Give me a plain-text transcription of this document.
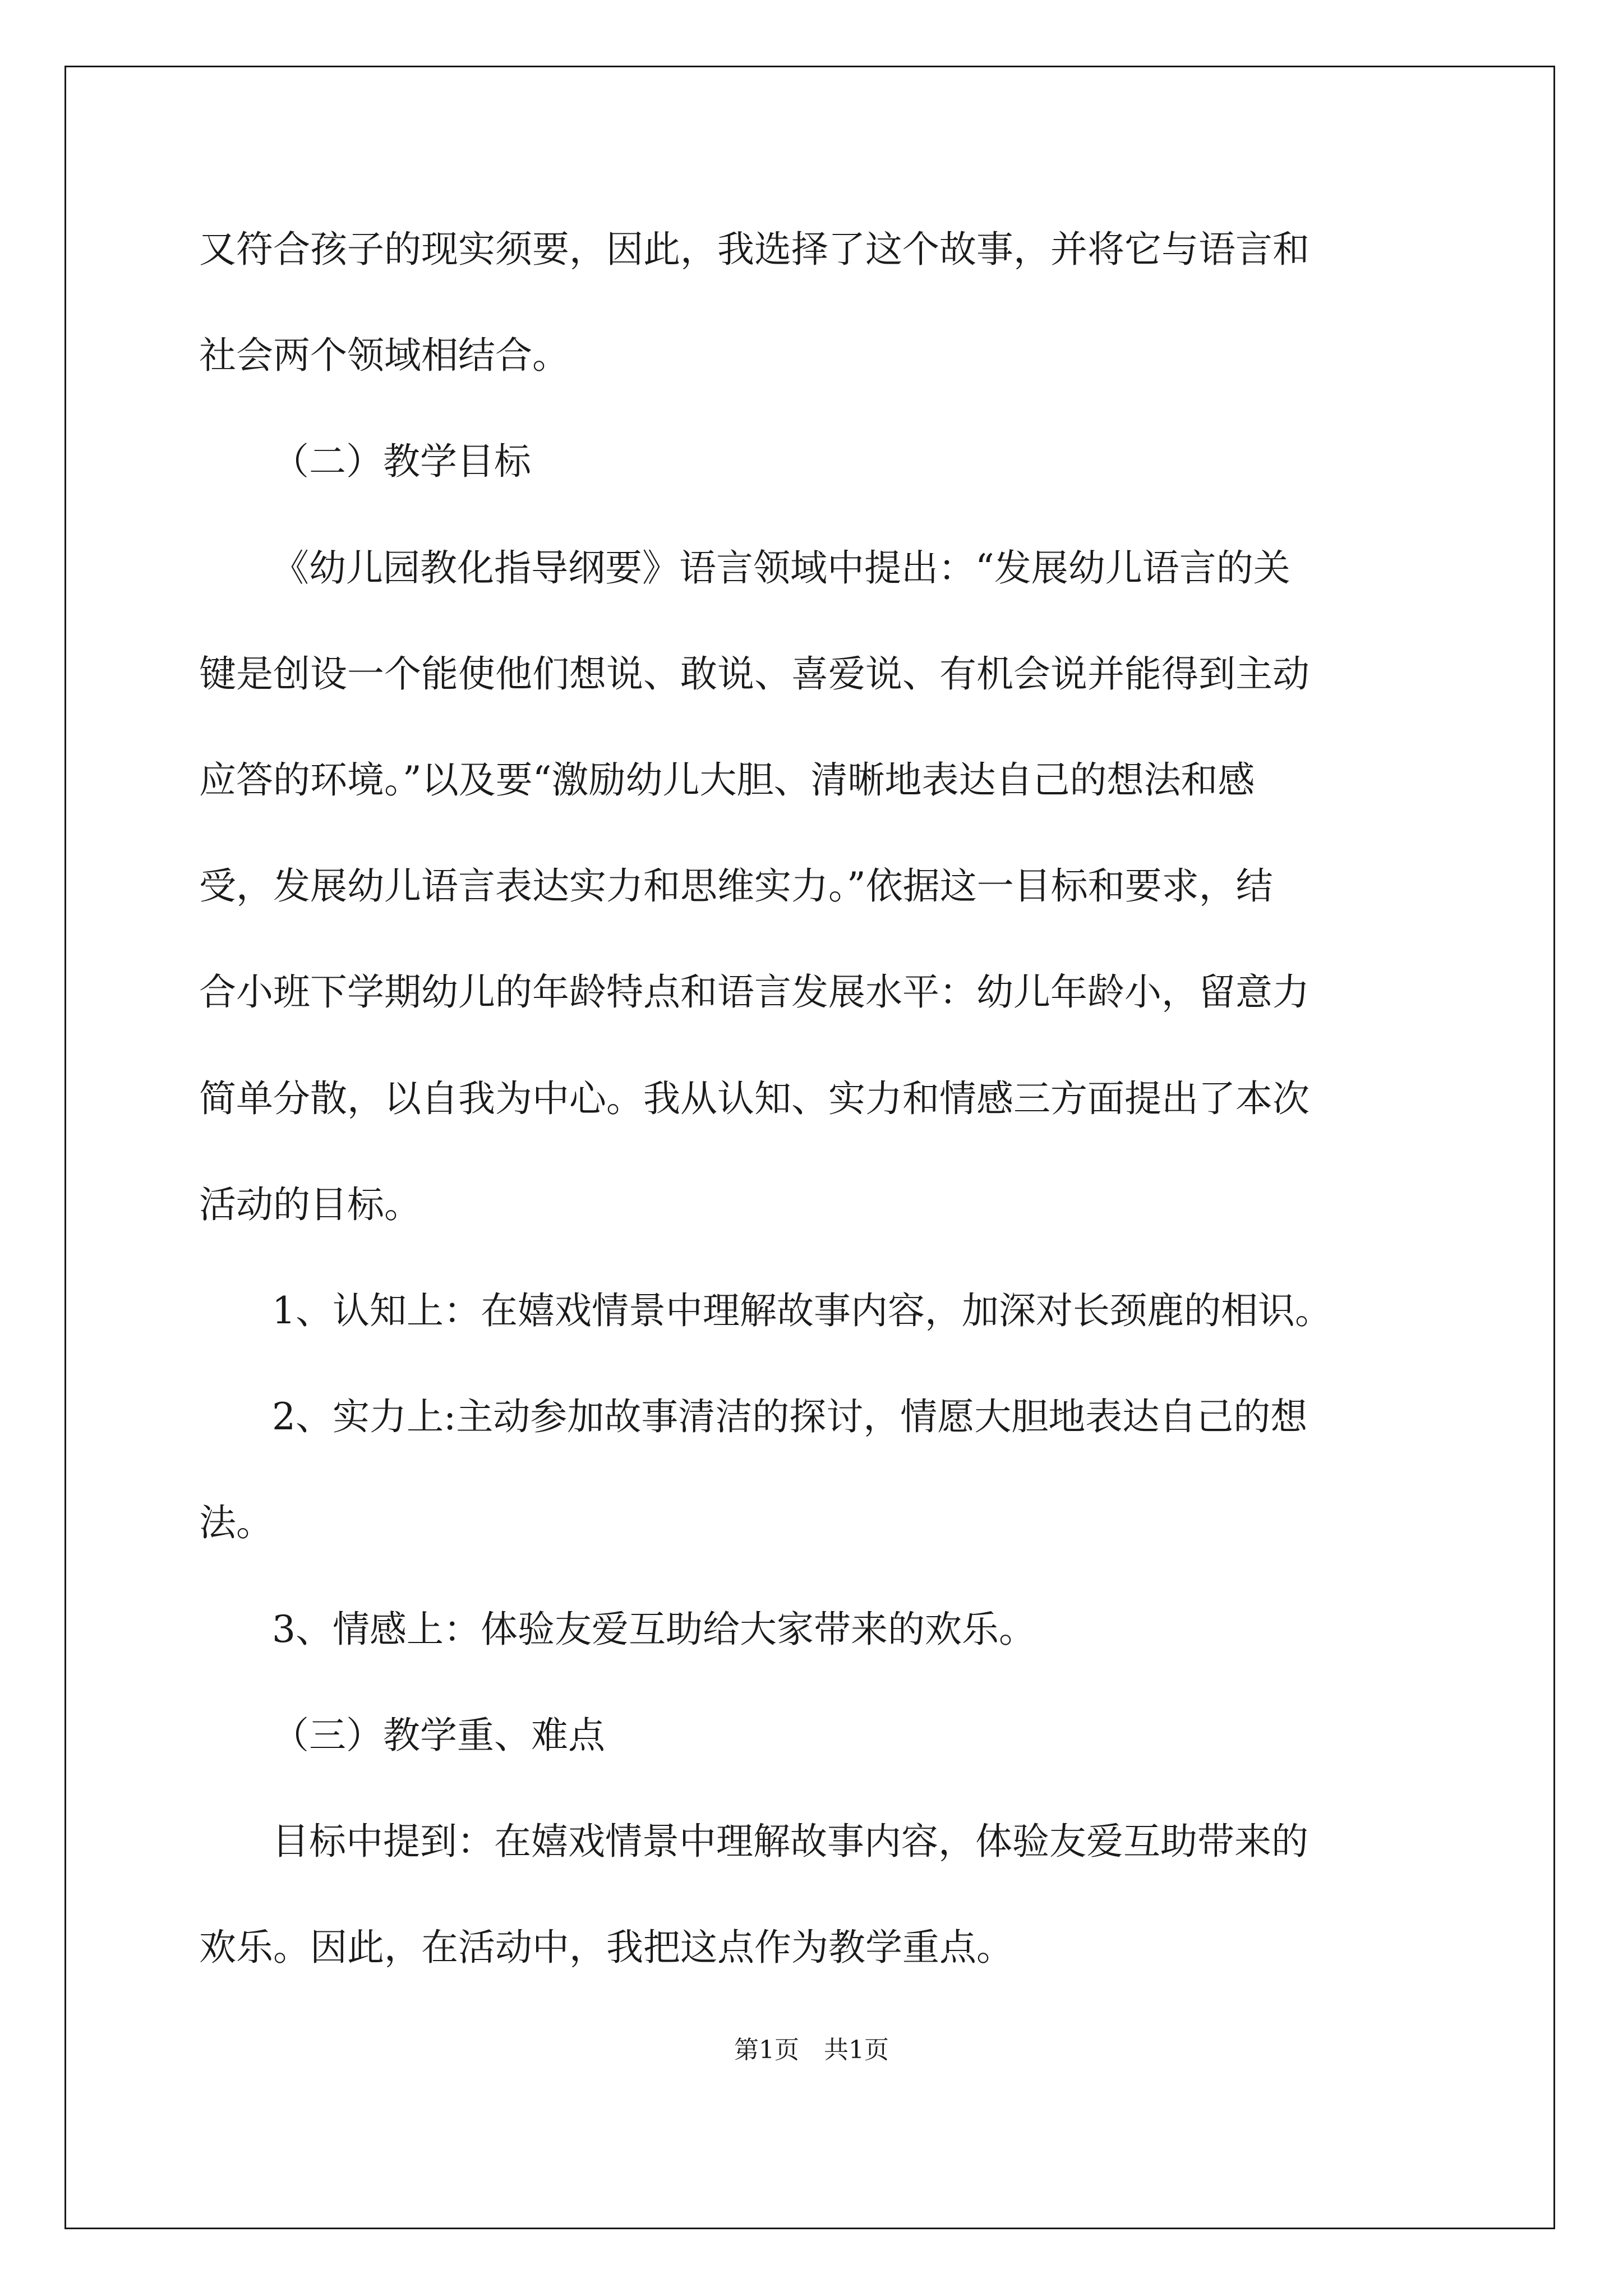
又符合孩子的现实须要，因此，我选择了这个故事，并将它与语言和
社会两个领域相结合。
（二）教学目标
《幼儿园教化指导纲要》语言领域中提出：“发展幼儿语言的关
键是创设一个能使他们想说、敢说、喜爱说、有机会说并能得到主动
应答的环境。”以及要“激励幼儿大胆、清晰地表达自己的想法和感
受，发展幼儿语言表达实力和思维实力。”依据这一目标和要求，结
合小班下学期幼儿的年龄特点和语言发展水平：幼儿年龄小，留意力
简单分散，以自我为中心。我从认知、实力和情感三方面提出了本次
活动的目标。
1、认知上：在嬉戏情景中理解故事内容，加深对长颈鹿的相识。
2、实力上:主动参加故事清洁的探讨，情愿大胆地表达自己的想
法。
3、情感上：体验友爱互助给大家带来的欢乐。
（三）教学重、难点
目标中提到：在嬉戏情景中理解故事内容，体验友爱互助带来的
欢乐。因此，在活动中，我把这点作为教学重点。
第1页　共1页
